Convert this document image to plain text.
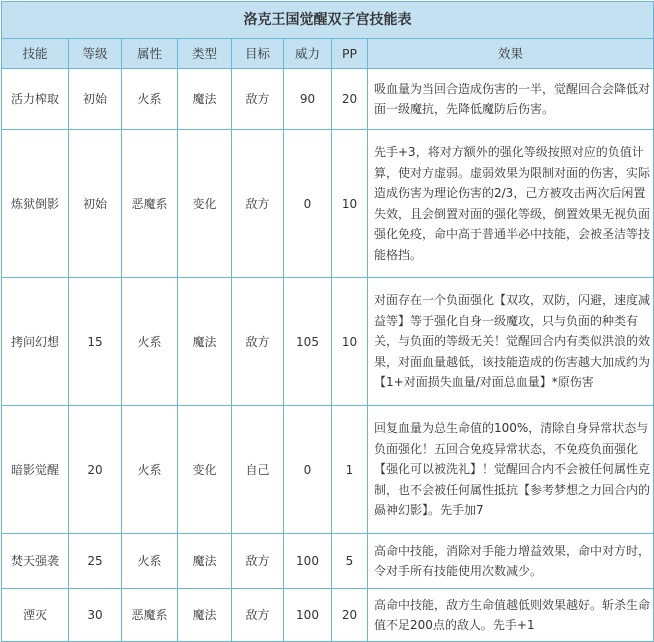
洛克王国觉醒双子宫技能表							
技能	等级	属性	类型	目标	威力	PP	效果
活力榨取	初始	火系	魔法	敌方	90	20	吸血量为当回合造成伤害的一半，觉醒回合会降低对面一级魔抗，先降低魔防后伤害。
炼狱倒影	初始	恶魔系	变化	敌方	0	10	先手+3，将对方额外的强化等级按照对应的负值计算，使对方虚弱。虚弱效果为限制对面的伤害，实际造成伤害为理论伤害的2/3，己方被攻击两次后闲置失效，且会倒置对面的强化等级，倒置效果无视负面强化免疫，命中高于普通半必中技能，会被圣洁等技能格挡。
拷问幻想	15	火系	魔法	敌方	105	10	对面存在一个负面强化【双攻，双防，闪避，速度减益等】等于强化自身一级魔攻，只与负面的种类有关，与负面的等级无关！觉醒回合内有类似洪浪的效果，对面血量越低，该技能造成的伤害越大加成约为【1+对面损失血量/对面总血量】*原伤害
暗影觉醒	20	火系	变化	自己	0	1	回复血量为总生命值的100%，清除自身异常状态与负面强化！五回合免疫异常状态，不免疫负面强化【强化可以被洗礼】！觉醒回合内不会被任何属性克制，也不会被任何属性抵抗【参考梦想之力回合内的赑神幻影】。先手加7
焚天强袭	25	火系	魔法	敌方	100	5	高命中技能，消除对手能力增益效果，命中对方时，令对手所有技能使用次数减少。
湮灭	30	恶魔系	魔法	敌方	100	20	高命中技能，敌方生命值越低则效果越好。斩杀生命值不足200点的敌人。先手+1
